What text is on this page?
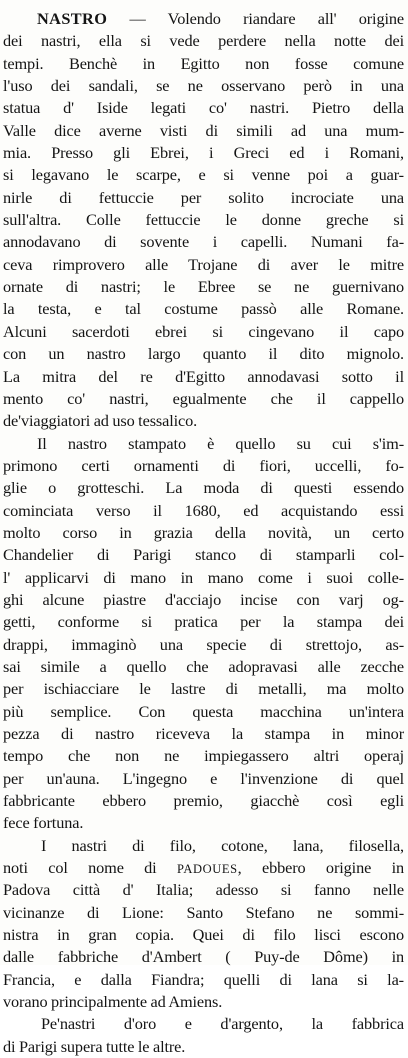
NASTRO — Volendo riandare all' origine
dei nastri, ella si vede perdere nella notte dei
tempi. Benchè in Egitto non fosse comune
l'uso dei sandali, se ne osservano però in una
statua d' Iside legati co' nastri. Pietro della
Valle dice averne visti di simili ad una mum-
mia. Presso gli Ebrei, i Greci ed i Romani,
si legavano le scarpe, e si venne poi a guar-
nirle di fettuccie per solito incrociate una
sull'altra. Colle fettuccie le donne greche si
annodavano di sovente i capelli. Numani fa-
ceva rimprovero alle Trojane di aver le mitre
ornate di nastri; le Ebree se ne guernivano
la testa, e tal costume passò alle Romane.
Alcuni sacerdoti ebrei si cingevano il capo
con un nastro largo quanto il dito mignolo.
La mitra del re d'Egitto annodavasi sotto il
mento co' nastri, egualmente che il cappello
de'viaggiatori ad uso tessalico.
Il nastro stampato è quello su cui s'im-
primono certi ornamenti di fiori, uccelli, fo-
glie o grotteschi. La moda di questi essendo
cominciata verso il 1680, ed acquistando essi
molto corso in grazia della novità, un certo
Chandelier di Parigi stanco di stamparli col-
l' applicarvi di mano in mano come i suoi colle-
ghi alcune piastre d'acciajo incise con varj og-
getti, conforme si pratica per la stampa dei
drappi, immaginò una specie di strettojo, as-
sai simile a quello che adopravasi alle zecche
per ischiacciare le lastre di metalli, ma molto
più semplice. Con questa macchina un'intera
pezza di nastro riceveva la stampa in minor
tempo che non ne impiegassero altri operaj
per un'auna. L'ingegno e l'invenzione di quel
fabbricante ebbero premio, giacchè così egli
fece fortuna.
I nastri di filo, cotone, lana, filosella,
noti col nome di PADOUES, ebbero origine in
Padova città d' Italia; adesso si fanno nelle
vicinanze di Lione: Santo Stefano ne sommi-
nistra in gran copia. Quei di filo lisci escono
dalle fabbriche d'Ambert ( Puy-de Dôme) in
Francia, e dalla Fiandra; quelli di lana si la-
vorano principalmente ad Amiens.
Pe'nastri d'oro e d'argento, la fabbrica
di Parigi supera tutte le altre.
